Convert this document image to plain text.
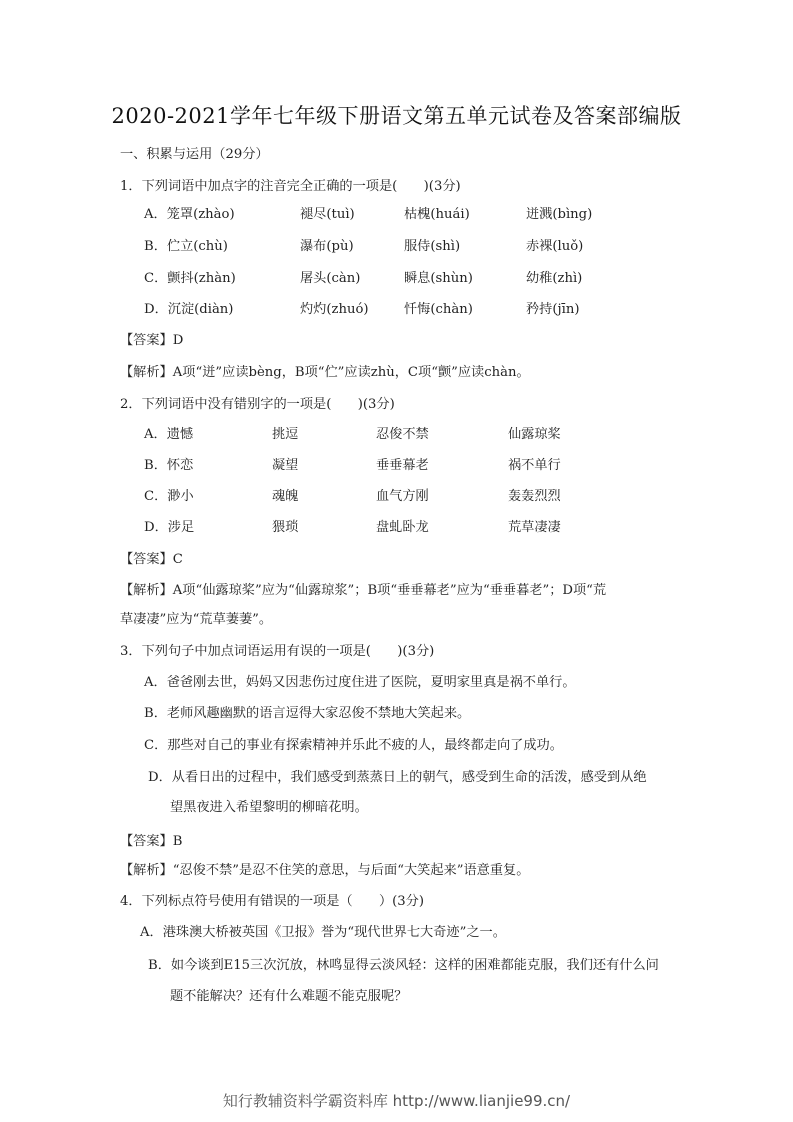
2020-2021学年七年级下册语文第五单元试卷及答案部编版
一、积累与运用（29分）
1．下列词语中加点字的注音完全正确的一项是(　　)(3分)
A．笼罩(zhào)	褪尽(tuì)	枯槐(huái)	迸溅(bìng)
B．伫立(chù)	瀑布(pù)	服侍(shì)	赤裸(luǒ)
C．颤抖(zhàn)	屠头(càn)	瞬息(shùn)	幼稚(zhì)
D．沉淀(diàn)	灼灼(zhuó)	忏悔(chàn)	矜持(jīn)
【答案】D
【解析】A项“迸”应读bèng，B项“伫”应读zhù，C项“颤”应读chàn。
2．下列词语中没有错别字的一项是(　　)(3分)
A．遗憾	挑逗	忍俊不禁	仙露琼桨
B．怀恋	凝望	垂垂幕老	祸不单行
C．渺小	魂魄	血气方刚	轰轰烈烈
D．涉足	猥琐	盘虬卧龙	荒草凄凄
【答案】C
【解析】A项“仙露琼桨”应为“仙露琼浆”；B项“垂垂幕老”应为“垂垂暮老”；D项“荒
草凄凄”应为“荒草萋萋”。
3．下列句子中加点词语运用有误的一项是(　　)(3分)
A．爸爸刚去世，妈妈又因悲伤过度住进了医院，夏明家里真是祸不单行。
B．老师风趣幽默的语言逗得大家忍俊不禁地大笑起来。
C．那些对自己的事业有探索精神并乐此不疲的人，最终都走向了成功。
D．从看日出的过程中，我们感受到蒸蒸日上的朝气，感受到生命的活泼，感受到从绝
望黑夜进入希望黎明的柳暗花明。
【答案】B
【解析】“忍俊不禁”是忍不住笑的意思，与后面“大笑起来”语意重复。
4．下列标点符号使用有错误的一项是（　　）(3分)
A．港珠澳大桥被英国《卫报》誉为“现代世界七大奇迹”之一。
B．如今谈到E15三次沉放，林鸣显得云淡风轻：这样的困难都能克服，我们还有什么问
题不能解决？还有什么难题不能克服呢？
知行教辅资料学霸资料库 http://www.lianjie99.cn/
